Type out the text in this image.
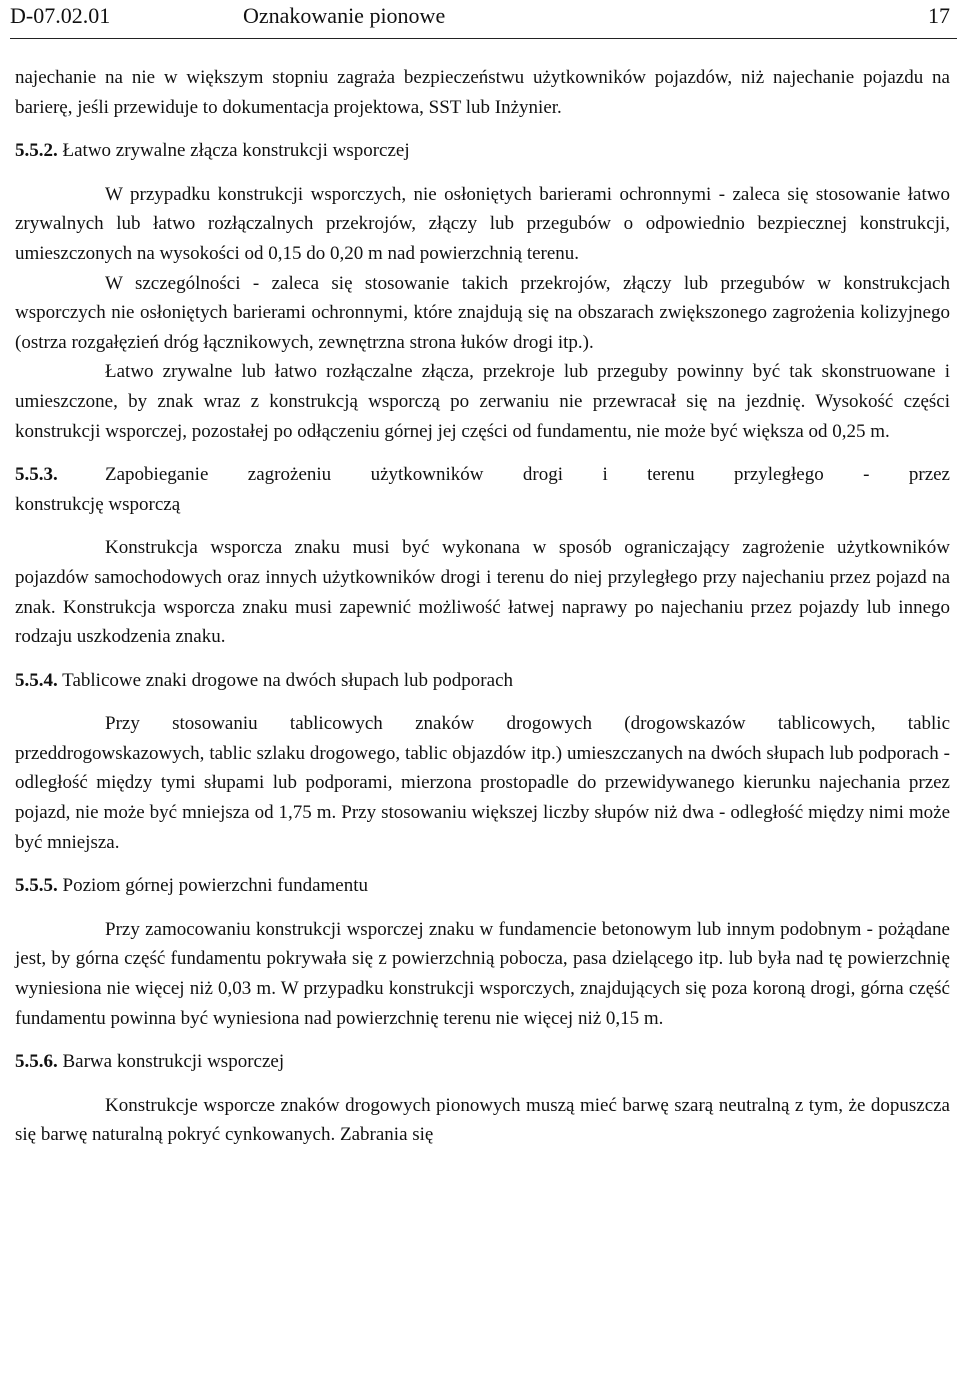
D-07.02.01	Oznakowanie pionowe	17

najechanie na nie w większym stopniu zagraża bezpieczeństwu użytkowników pojazdów, niż najechanie pojazdu na barierę, jeśli przewiduje to dokumentacja projektowa, SST lub Inżynier.

5.5.2. Łatwo zrywalne złącza konstrukcji wsporczej

W przypadku konstrukcji wsporczych, nie osłoniętych barierami ochronnymi - zaleca się stosowanie łatwo zrywalnych lub łatwo rozłączalnych przekrojów, złączy lub przegubów o odpowiednio bezpiecznej konstrukcji, umieszczonych na wysokości od 0,15 do 0,20 m nad powierzchnią terenu.

W szczególności - zaleca się stosowanie takich przekrojów, złączy lub przegubów w konstrukcjach wsporczych nie osłoniętych barierami ochronnymi, które znajdują się na obszarach zwiększonego zagrożenia kolizyjnego (ostrza rozgałęzień dróg łącznikowych, zewnętrzna strona łuków drogi itp.).

Łatwo zrywalne lub łatwo rozłączalne złącza, przekroje lub przeguby powinny być tak skonstruowane i umieszczone, by znak wraz z konstrukcją wsporczą po zerwaniu nie przewracał się na jezdnię. Wysokość części konstrukcji wsporczej, pozostałej po odłączeniu górnej jej części od fundamentu, nie może być większa od 0,25 m.

5.5.3.	Zapobieganie zagrożeniu użytkowników drogi i terenu przyległego - przez
konstrukcję wsporczą

Konstrukcja wsporcza znaku musi być wykonana w sposób ograniczający zagrożenie użytkowników pojazdów samochodowych oraz innych użytkowników drogi i terenu do niej przyległego przy najechaniu przez pojazd na znak. Konstrukcja wsporcza znaku musi zapewnić możliwość łatwej naprawy po najechaniu przez pojazdy lub innego rodzaju uszkodzenia znaku.

5.5.4. Tablicowe znaki drogowe na dwóch słupach lub podporach

Przy stosowaniu tablicowych znaków drogowych (drogowskazów tablicowych, tablic przeddrogowskazowych, tablic szlaku drogowego, tablic objazdów itp.) umieszczanych na dwóch słupach lub podporach - odległość między tymi słupami lub podporami, mierzona prostopadle do przewidywanego kierunku najechania przez pojazd, nie może być mniejsza od 1,75 m. Przy stosowaniu większej liczby słupów niż dwa - odległość między nimi może być mniejsza.

5.5.5. Poziom górnej powierzchni fundamentu

Przy zamocowaniu konstrukcji wsporczej znaku w fundamencie betonowym lub innym podobnym - pożądane jest, by górna część fundamentu pokrywała się z powierzchnią pobocza, pasa dzielącego itp. lub była nad tę powierzchnię wyniesiona nie więcej niż 0,03 m. W przypadku konstrukcji wsporczych, znajdujących się poza koroną drogi, górna część fundamentu powinna być wyniesiona nad powierzchnię terenu nie więcej niż 0,15 m.

5.5.6. Barwa konstrukcji wsporczej

Konstrukcje wsporcze znaków drogowych pionowych muszą mieć barwę szarą neutralną z tym, że dopuszcza się barwę naturalną pokryć cynkowanych. Zabrania się
